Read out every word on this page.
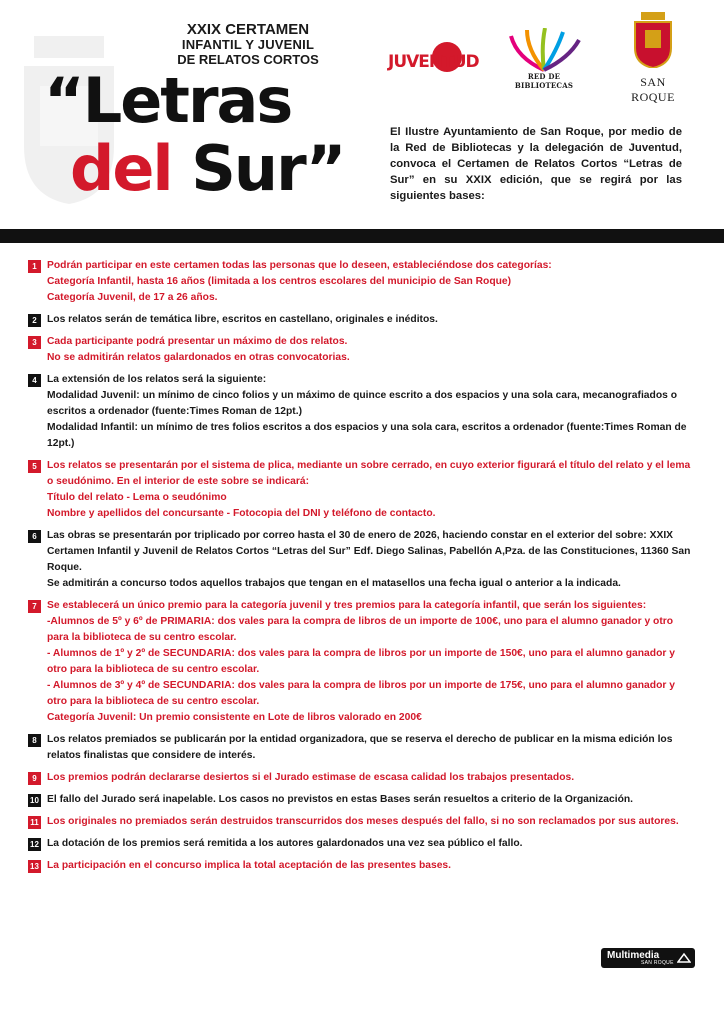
XXIX CERTAMEN
INFANTIL Y JUVENIL
DE RELATOS CORTOS
“Letras
del Sur”
JUVENTUD
RED DE BIBLIOTECAS	SAN ROQUE
El Ilustre Ayuntamiento de San Roque, por medio de la Red de Bibliotecas y la delegación de Juventud, convoca el Certamen de Relatos Cortos “Letras de Sur” en su XXIX edición, que se regirá por las siguientes bases:
1 Podrán participar en este certamen todas las personas que lo deseen, estableciéndose dos categorías:
Categoría Infantil, hasta 16 años (limitada a los centros escolares del municipio de San Roque)
Categoría Juvenil, de 17 a 26 años.
2 Los relatos serán de temática libre, escritos en castellano, originales e inéditos.
3 Cada participante podrá presentar un máximo de dos relatos.
No se admitirán relatos galardonados en otras convocatorias.
4 La extensión de los relatos será la siguiente:
Modalidad Juvenil: un mínimo de cinco folios y un máximo de quince escrito a dos espacios y una sola cara, mecanografiados o escritos a ordenador (fuente:Times Roman de 12pt.)
Modalidad Infantil: un mínimo de tres folios escritos a dos espacios y una sola cara, escritos a ordenador (fuente:Times Roman de 12pt.)
5 Los relatos se presentarán por el sistema de plica, mediante un sobre cerrado, en cuyo exterior figurará el título del relato y el lema o seudónimo. En el interior de este sobre se indicará:
Título del relato - Lema o seudónimo
Nombre y apellidos del concursante - Fotocopia del DNI y teléfono de contacto.
6 Las obras se presentarán por triplicado por correo hasta el 30 de enero de 2026, haciendo constar en el exterior del sobre: XXIX Certamen Infantil y Juvenil de Relatos Cortos “Letras del Sur” Edf. Diego Salinas, Pabellón A,Pza. de las Constituciones, 11360 San Roque.
Se admitirán a concurso todos aquellos trabajos que tengan en el matasellos una fecha igual o anterior a la indicada.
7 Se establecerá un único premio para la categoría juvenil y tres premios para la categoría infantil, que serán los siguientes:
-Alumnos de 5º y 6º de PRIMARIA: dos vales para la compra de libros de un importe de 100€, uno para el alumno ganador y otro para la biblioteca de su centro escolar.
- Alumnos de 1º y 2º de SECUNDARIA: dos vales para la compra de libros por un importe de 150€, uno para el alumno ganador y otro para la biblioteca de su centro escolar.
- Alumnos de 3º y 4º de SECUNDARIA: dos vales para la compra de libros por un importe de 175€, uno para el alumno ganador y otro para la biblioteca de su centro escolar.
Categoría Juvenil: Un premio consistente en Lote de libros valorado en 200€
8 Los relatos premiados se publicarán por la entidad organizadora, que se reserva el derecho de publicar en la misma edición los relatos finalistas que considere de interés.
9 Los premios podrán declararse desiertos si el Jurado estimase de escasa calidad los trabajos presentados.
10 El fallo del Jurado será inapelable. Los casos no previstos en estas Bases serán resueltos a criterio de la Organización.
11 Los originales no premiados serán destruidos transcurridos dos meses después del fallo, si no son reclamados por sus autores.
12 La dotación de los premios será remitida a los autores galardonados una vez sea público el fallo.
13 La participación en el concurso implica la total aceptación de las presentes bases.
Multimedia
SAN ROQUE
